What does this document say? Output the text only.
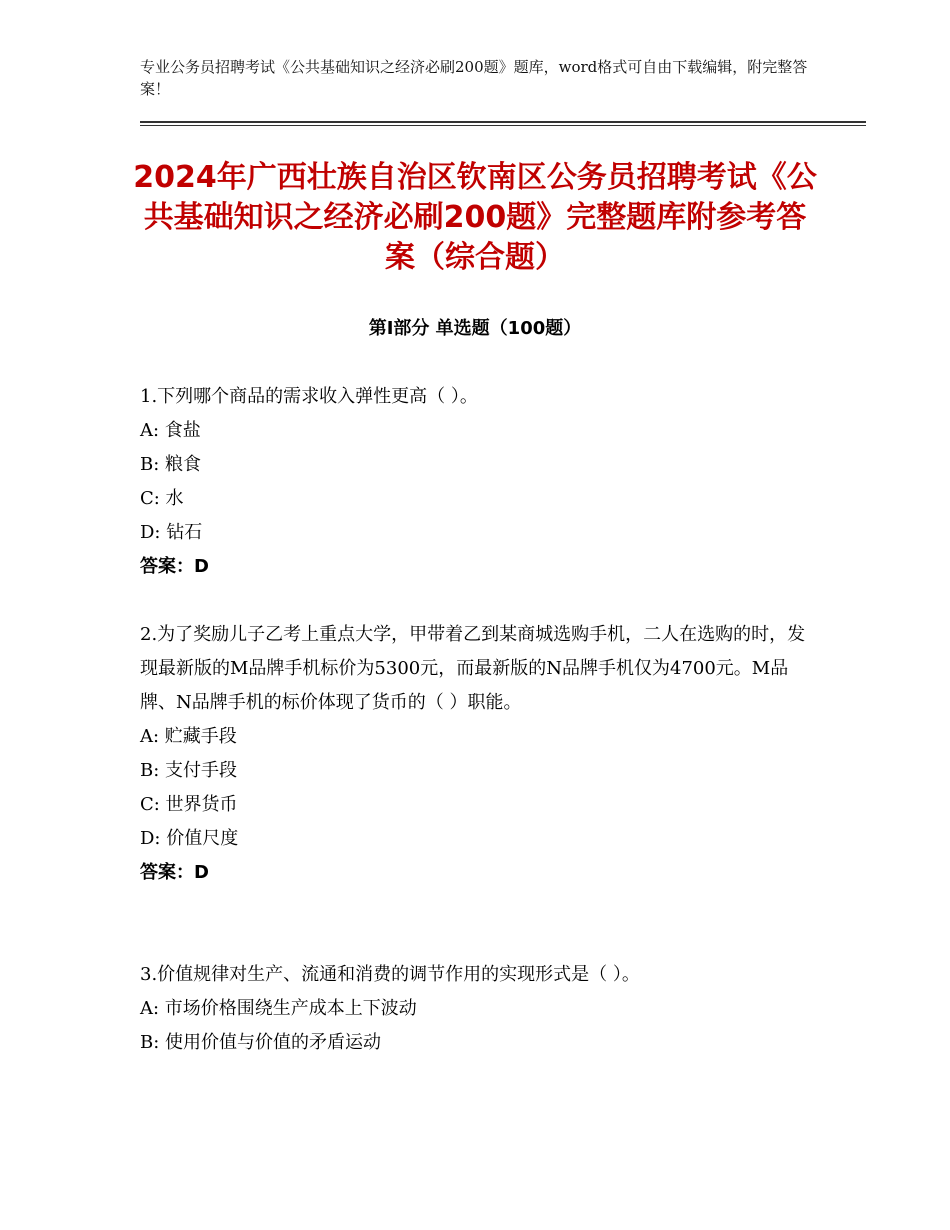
专业公务员招聘考试《公共基础知识之经济必刷200题》题库，word格式可自由下载编辑，附完整答案！
2024年广西壮族自治区钦南区公务员招聘考试《公共基础知识之经济必刷200题》完整题库附参考答案（综合题）
第I部分 单选题（100题）
1.下列哪个商品的需求收入弹性更高（ ）。
A: 食盐
B: 粮食
C: 水
D: 钻石
答案：D
2.为了奖励儿子乙考上重点大学，甲带着乙到某商城选购手机，二人在选购的时，发现最新版的M品牌手机标价为5300元，而最新版的N品牌手机仅为4700元。M品牌、N品牌手机的标价体现了货币的（ ）职能。
A: 贮藏手段
B: 支付手段
C: 世界货币
D: 价值尺度
答案：D
3.价值规律对生产、流通和消费的调节作用的实现形式是（ ）。
A: 市场价格围绕生产成本上下波动
B: 使用价值与价值的矛盾运动
